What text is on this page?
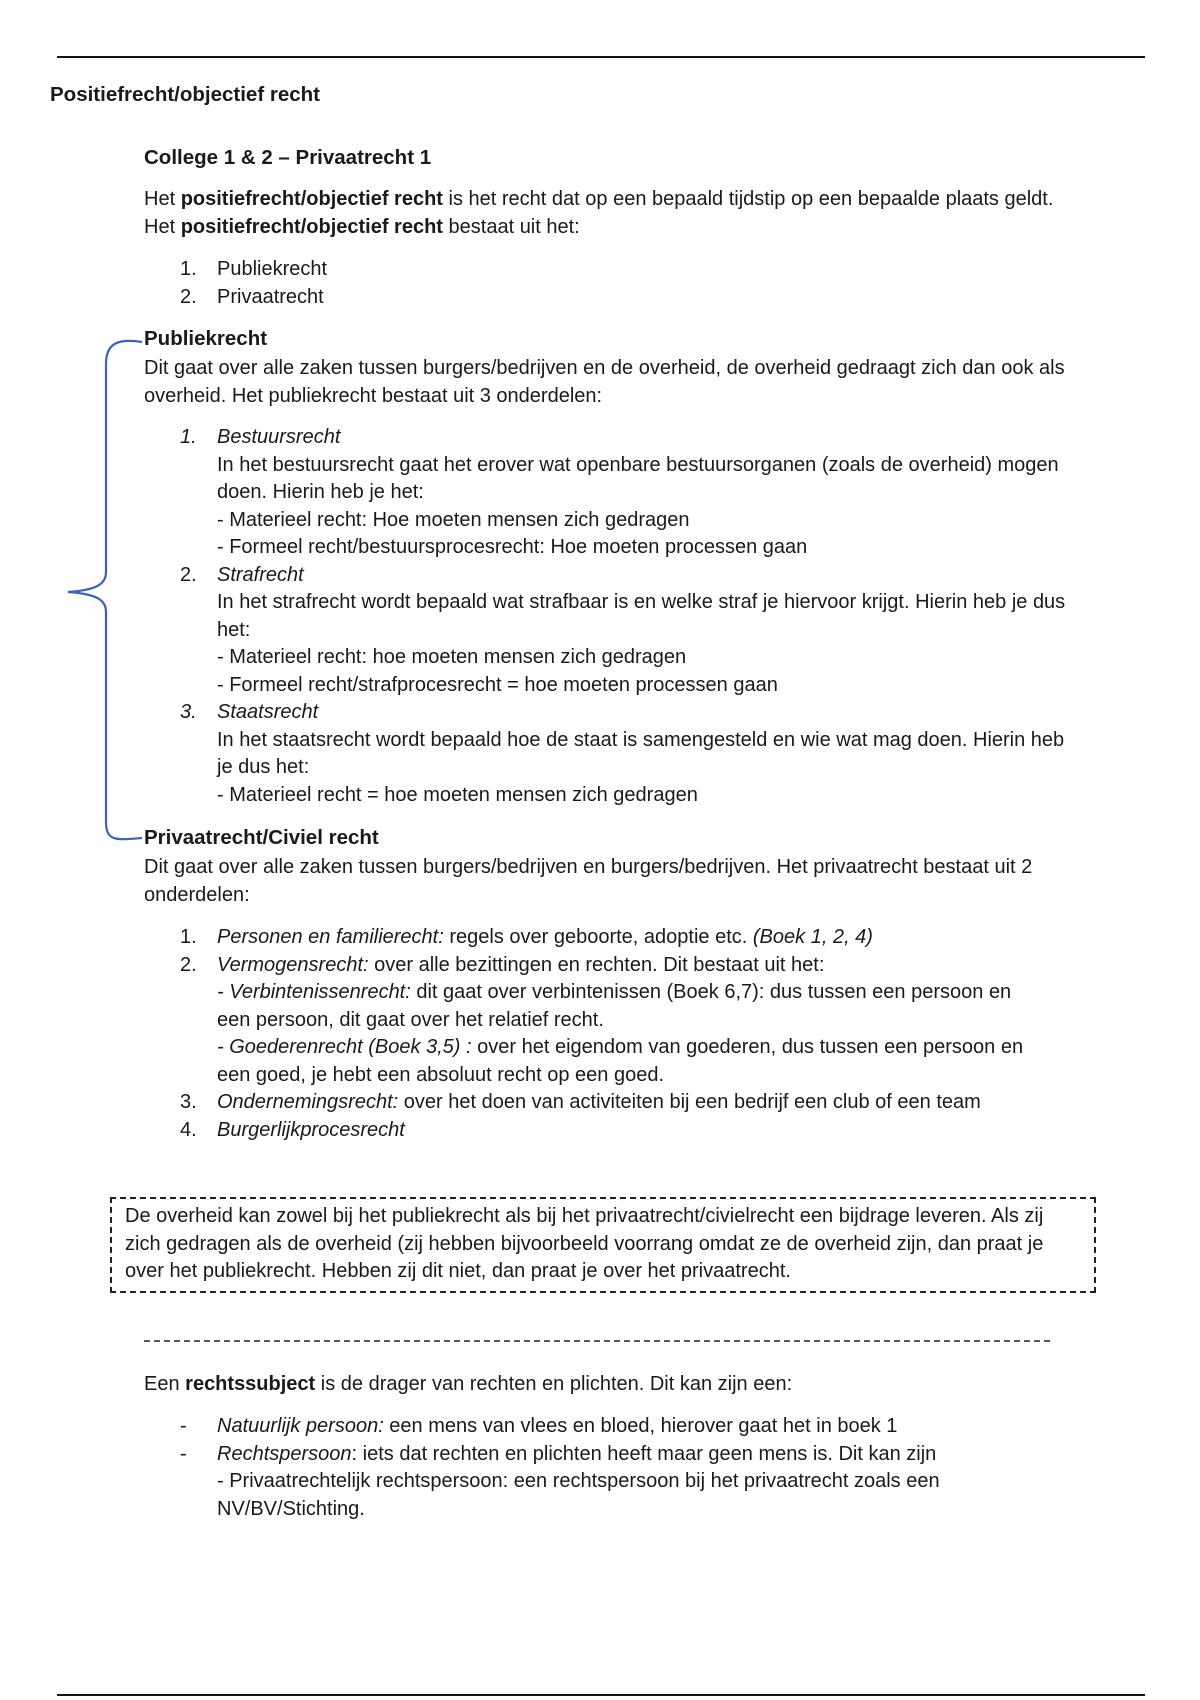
Positiefrecht/objectief recht
College 1 & 2 – Privaatrecht 1
Het positiefrecht/objectief recht is het recht dat op een bepaald tijdstip op een bepaalde plaats geldt. Het positiefrecht/objectief recht bestaat uit het:
1. Publiekrecht
2. Privaatrecht
Publiekrecht
Dit gaat over alle zaken tussen burgers/bedrijven en de overheid, de overheid gedraagt zich dan ook als overheid. Het publiekrecht bestaat uit 3 onderdelen:
1. Bestuursrecht
In het bestuursrecht gaat het erover wat openbare bestuursorganen (zoals de overheid) mogen doen. Hierin heb je het:
- Materieel recht: Hoe moeten mensen zich gedragen
- Formeel recht/bestuursprocesrecht: Hoe moeten processen gaan
2. Strafrecht
In het strafrecht wordt bepaald wat strafbaar is en welke straf je hiervoor krijgt. Hierin heb je dus het:
- Materieel recht: hoe moeten mensen zich gedragen
- Formeel recht/strafprocesrecht = hoe moeten processen gaan
3. Staatsrecht
In het staatsrecht wordt bepaald hoe de staat is samengesteld en wie wat mag doen. Hierin heb je dus het:
- Materieel recht = hoe moeten mensen zich gedragen
Privaatrecht/Civiel recht
Dit gaat over alle zaken tussen burgers/bedrijven en burgers/bedrijven. Het privaatrecht bestaat uit 2 onderdelen:
1. Personen en familierecht: regels over geboorte, adoptie etc. (Boek 1, 2, 4)
2. Vermogensrecht: over alle bezittingen en rechten. Dit bestaat uit het:
- Verbintenissenrecht: dit gaat over verbintenissen (Boek 6,7): dus tussen een persoon en een persoon, dit gaat over het relatief recht.
- Goederenrecht (Boek 3,5) : over het eigendom van goederen, dus tussen een persoon en een goed, je hebt een absoluut recht op een goed.
3. Ondernemingsrecht: over het doen van activiteiten bij een bedrijf een club of een team
4. Burgerlijkprocesrecht
De overheid kan zowel bij het publiekrecht als bij het privaatrecht/civielrecht een bijdrage leveren. Als zij zich gedragen als de overheid (zij hebben bijvoorbeeld voorrang omdat ze de overheid zijn, dan praat je over het publiekrecht. Hebben zij dit niet, dan praat je over het privaatrecht.
Een rechtssubject is de drager van rechten en plichten. Dit kan zijn een:
- Natuurlijk persoon: een mens van vlees en bloed, hierover gaat het in boek 1
- Rechtspersoon: iets dat rechten en plichten heeft maar geen mens is. Dit kan zijn
- Privaatrechtelijk rechtspersoon: een rechtspersoon bij het privaatrecht zoals een NV/BV/Stichting.
